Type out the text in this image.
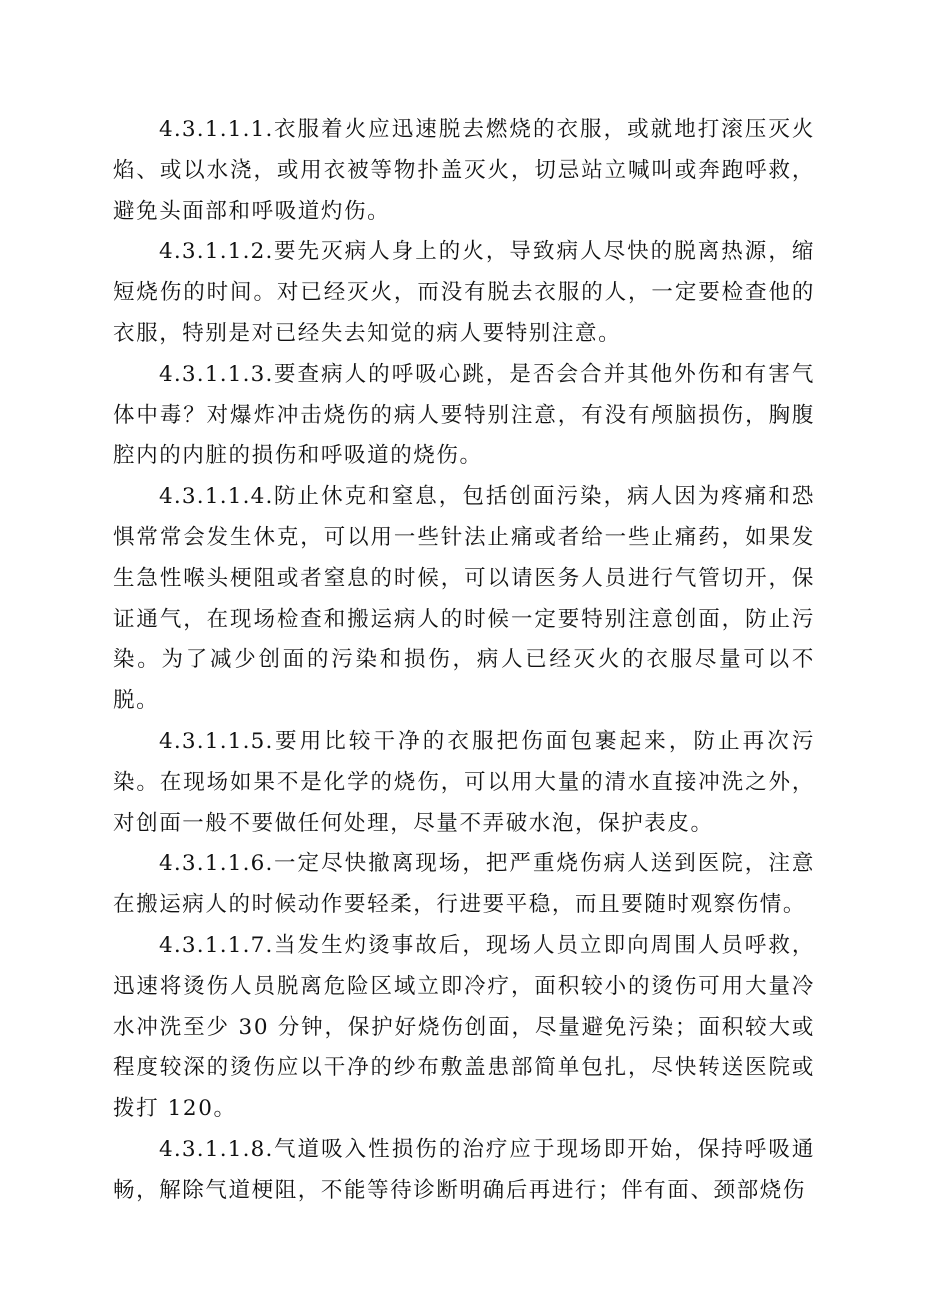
4.3.1.1.1.衣服着火应迅速脱去燃烧的衣服，或就地打滚压灭火焰、或以水浇，或用衣被等物扑盖灭火，切忌站立喊叫或奔跑呼救，避免头面部和呼吸道灼伤。

4.3.1.1.2.要先灭病人身上的火，导致病人尽快的脱离热源，缩短烧伤的时间。对已经灭火，而没有脱去衣服的人，一定要检查他的衣服，特别是对已经失去知觉的病人要特别注意。

4.3.1.1.3.要查病人的呼吸心跳，是否会合并其他外伤和有害气体中毒？对爆炸冲击烧伤的病人要特别注意，有没有颅脑损伤，胸腹腔内的内脏的损伤和呼吸道的烧伤。

4.3.1.1.4.防止休克和窒息，包括创面污染，病人因为疼痛和恐惧常常会发生休克，可以用一些针法止痛或者给一些止痛药，如果发生急性喉头梗阻或者窒息的时候，可以请医务人员进行气管切开，保证通气，在现场检查和搬运病人的时候一定要特别注意创面，防止污染。为了减少创面的污染和损伤，病人已经灭火的衣服尽量可以不脱。

4.3.1.1.5.要用比较干净的衣服把伤面包裹起来，防止再次污染。在现场如果不是化学的烧伤，可以用大量的清水直接冲洗之外，对创面一般不要做任何处理，尽量不弄破水泡，保护表皮。

4.3.1.1.6.一定尽快撤离现场，把严重烧伤病人送到医院，注意在搬运病人的时候动作要轻柔，行进要平稳，而且要随时观察伤情。

4.3.1.1.7.当发生灼烫事故后，现场人员立即向周围人员呼救，迅速将烫伤人员脱离危险区域立即冷疗，面积较小的烫伤可用大量冷水冲洗至少 30 分钟，保护好烧伤创面，尽量避免污染；面积较大或程度较深的烫伤应以干净的纱布敷盖患部简单包扎，尽快转送医院或拨打 120。

4.3.1.1.8.气道吸入性损伤的治疗应于现场即开始，保持呼吸通畅，解除气道梗阻，不能等待诊断明确后再进行；伴有面、颈部烧伤
